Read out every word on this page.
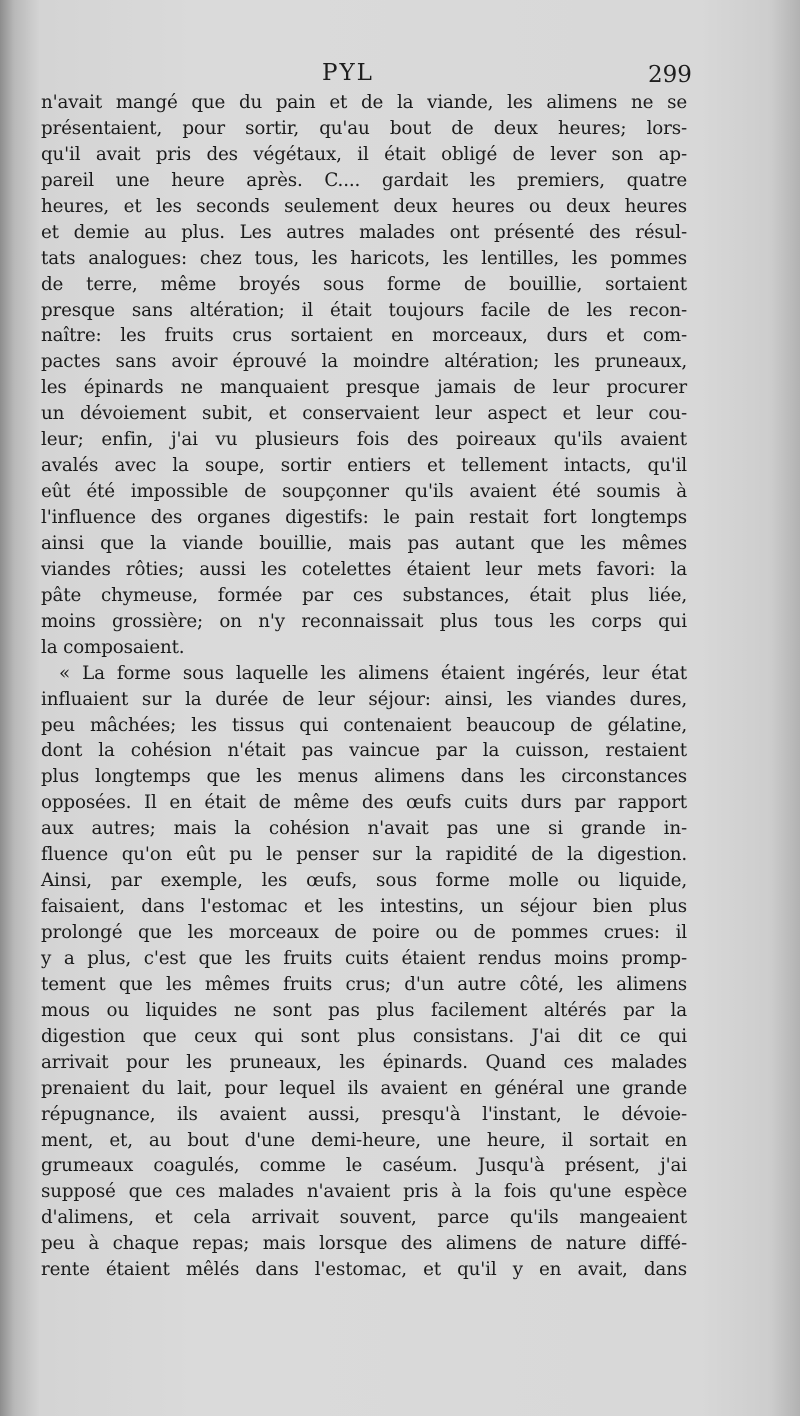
PYL	299

n'avait mangé que du pain et de la viande, les alimens ne se
présentaient, pour sortir, qu'au bout de deux heures; lors-
qu'il avait pris des végétaux, il était obligé de lever son ap-
pareil une heure après. C.... gardait les premiers, quatre
heures, et les seconds seulement deux heures ou deux heures
et demie au plus. Les autres malades ont présenté des résul-
tats analogues: chez tous, les haricots, les lentilles, les pommes
de terre, même broyés sous forme de bouillie, sortaient
presque sans altération; il était toujours facile de les recon-
naître: les fruits crus sortaient en morceaux, durs et com-
pactes sans avoir éprouvé la moindre altération; les pruneaux,
les épinards ne manquaient presque jamais de leur procurer
un dévoiement subit, et conservaient leur aspect et leur cou-
leur; enfin, j'ai vu plusieurs fois des poireaux qu'ils avaient
avalés avec la soupe, sortir entiers et tellement intacts, qu'il
eût été impossible de soupçonner qu'ils avaient été soumis à
l'influence des organes digestifs: le pain restait fort longtemps
ainsi que la viande bouillie, mais pas autant que les mêmes
viandes rôties; aussi les cotelettes étaient leur mets favori: la
pâte chymeuse, formée par ces substances, était plus liée,
moins grossière; on n'y reconnaissait plus tous les corps qui
la composaient.
« La forme sous laquelle les alimens étaient ingérés, leur état
influaient sur la durée de leur séjour: ainsi, les viandes dures,
peu mâchées; les tissus qui contenaient beaucoup de gélatine,
dont la cohésion n'était pas vaincue par la cuisson, restaient
plus longtemps que les menus alimens dans les circonstances
opposées. Il en était de même des œufs cuits durs par rapport
aux autres; mais la cohésion n'avait pas une si grande in-
fluence qu'on eût pu le penser sur la rapidité de la digestion.
Ainsi, par exemple, les œufs, sous forme molle ou liquide,
faisaient, dans l'estomac et les intestins, un séjour bien plus
prolongé que les morceaux de poire ou de pommes crues: il
y a plus, c'est que les fruits cuits étaient rendus moins promp-
tement que les mêmes fruits crus; d'un autre côté, les alimens
mous ou liquides ne sont pas plus facilement altérés par la
digestion que ceux qui sont plus consistans. J'ai dit ce qui
arrivait pour les pruneaux, les épinards. Quand ces malades
prenaient du lait, pour lequel ils avaient en général une grande
répugnance, ils avaient aussi, presqu'à l'instant, le dévoie-
ment, et, au bout d'une demi-heure, une heure, il sortait en
grumeaux coagulés, comme le caséum. Jusqu'à présent, j'ai
supposé que ces malades n'avaient pris à la fois qu'une espèce
d'alimens, et cela arrivait souvent, parce qu'ils mangeaient
peu à chaque repas; mais lorsque des alimens de nature diffé-
rente étaient mêlés dans l'estomac, et qu'il y en avait, dans
